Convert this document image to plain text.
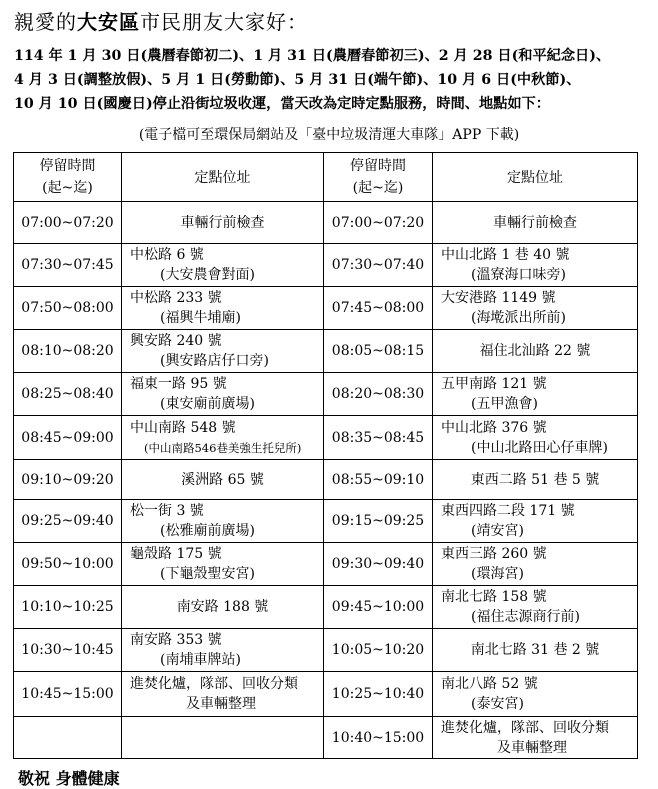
親愛的大安區市民朋友大家好：
114 年 1 月 30 日(農曆春節初二)、1 月 31 日(農曆春節初三)、2 月 28 日(和平紀念日)、
4 月 3 日(調整放假)、5 月 1 日(勞動節)、5 月 31 日(端午節)、10 月 6 日(中秋節)、
10 月 10 日(國慶日)停止沿街垃圾收運，當天改為定時定點服務，時間、地點如下：
(電子檔可至環保局網站及「臺中垃圾清運大車隊」APP 下載)
停留時間
(起~迄)	定點位址	停留時間
(起~迄)	定點位址
07:00~07:20	車輛行前檢查	07:00~07:20	車輛行前檢查

07:30~07:45	中松路 6 號
(大安農會對面)	07:30~07:40	中山北路 1 巷 40 號
(溫寮海口味旁)

07:50~08:00	中松路 233 號
(福興牛埔廟)	07:45~08:00	大安港路 1149 號
(海墘派出所前)

08:10~08:20	興安路 240 號
(興安路店仔口旁)	08:05~08:15	福住北汕路 22 號

08:25~08:40	福東一路 95 號
(東安廟前廣場)	08:20~08:30	五甲南路 121 號
(五甲漁會)

08:45~09:00	中山南路 548 號
(中山南路546巷美強生托兒所)	08:35~08:45	中山北路 376 號
(中山北路田心仔車牌)

09:10~09:20	溪洲路 65 號	08:55~09:10	東西二路 51 巷 5 號

09:25~09:40	松一街 3 號
(松雅廟前廣場)	09:15~09:25	東西四路二段 171 號
(靖安宮)

09:50~10:00	龜殼路 175 號
(下龜殼聖安宮)	09:30~09:40	東西三路 260 號
(環海宮)

10:10~10:25	南安路 188 號	09:45~10:00	南北七路 158 號
(福住志源商行前)

10:30~10:45	南安路 353 號
(南埔車牌站)	10:05~10:20	南北七路 31 巷 2 號

10:45~15:00	進焚化爐，隊部、回收分類
及車輛整理	10:25~10:40	南北八路 52 號
(泰安宮)

	10:40~15:00	進焚化爐，隊部、回收分類
及車輛整理
敬祝 身體健康
